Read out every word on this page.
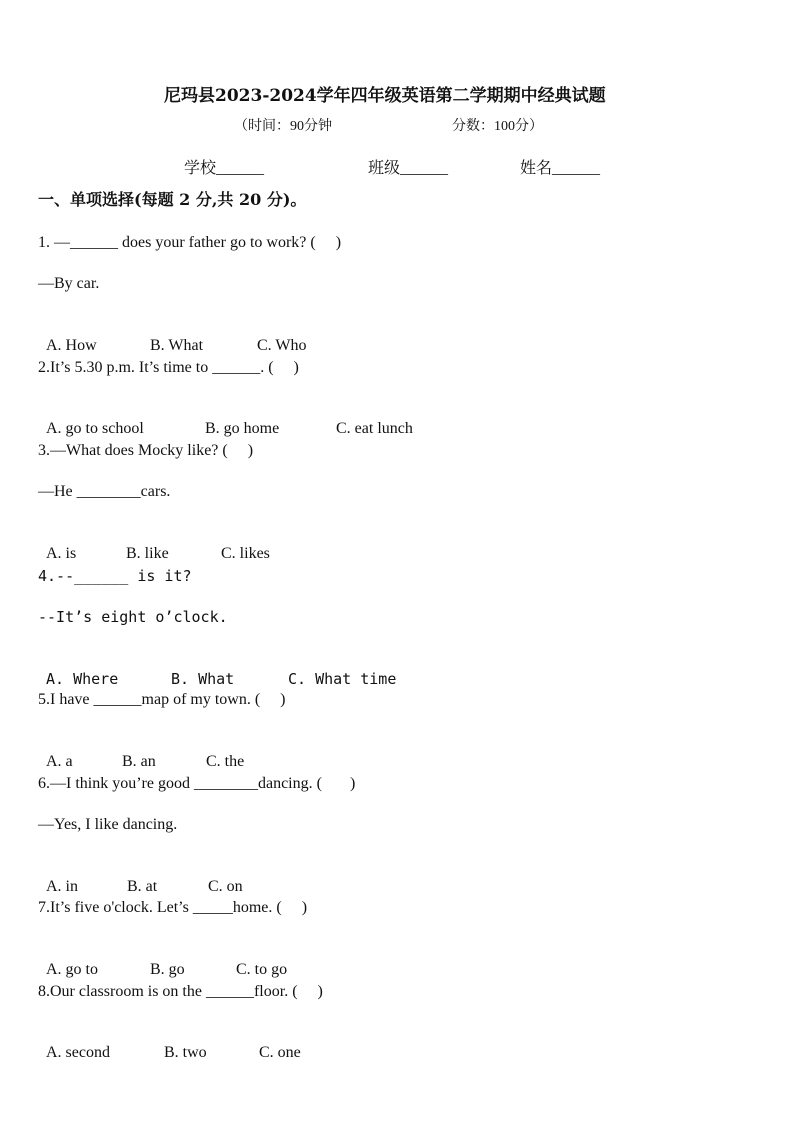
尼玛县2023-2024学年四年级英语第二学期期中经典试题
（时间：90分钟	分数：100分）
学校______	班级______	姓名______
一、单项选择(每题 2 分,共 20 分)。
1. —______ does your father go to work? (     )
—By car.

A. How	B. What	C. Who

2.It’s 5.30 p.m. It’s time to ______. (     )

A. go to school	B. go home	C. eat lunch

3.—What does Mocky like? (     )
—He ________cars.

A. is	B. like	C. likes

4.--______ is it?
--It’s eight o’clock.

A. Where	B. What	C. What time

5.I have ______map of my town. (     )

A. a	B. an	C. the

6.—I think you’re good ________dancing. (       )
—Yes, I like dancing.

A. in	B. at	C. on

7.It’s five o'clock. Let’s _____home. (     )

A. go to	B. go	C. to go

8.Our classroom is on the ______floor. (     )

A. second	B. two	C. one
